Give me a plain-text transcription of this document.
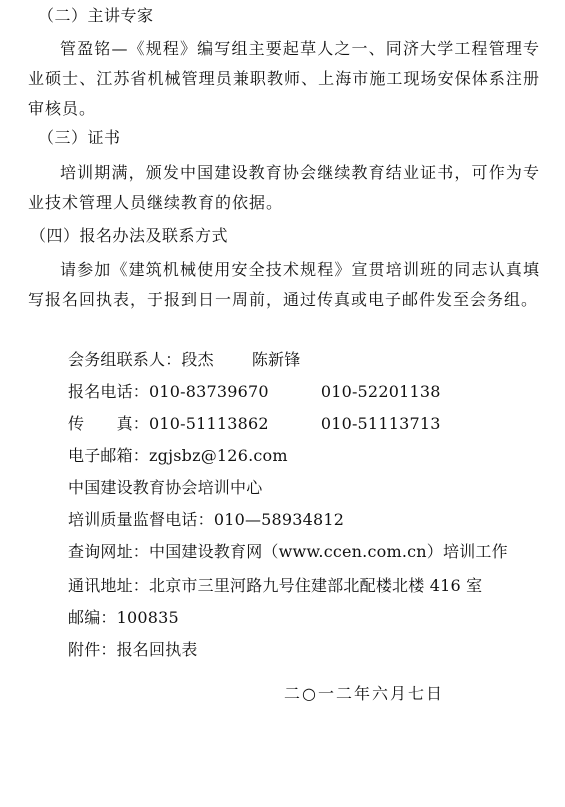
（二）主讲专家
管盈铭—《规程》编写组主要起草人之一、同济大学工程管理专业硕士、江苏省机械管理员兼职教师、上海市施工现场安保体系注册审核员。
（三）证书
培训期满，颁发中国建设教育协会继续教育结业证书，可作为专业技术管理人员继续教育的依据。
（四）报名办法及联系方式
请参加《建筑机械使用安全技术规程》宣贯培训班的同志认真填写报名回执表，于报到日一周前，通过传真或电子邮件发至会务组。
会务组联系人：段杰 陈新锋
报名电话：010-83739670	010-52201138
传　　真：010-51113862	010-51113713
电子邮箱：zgjsbz@126.com
中国建设教育协会培训中心
培训质量监督电话：010—58934812
查询网址：中国建设教育网（www.ccen.com.cn）培训工作
通讯地址：北京市三里河路九号住建部北配楼北楼 416 室
邮编：100835
附件：报名回执表
二○一二年六月七日
